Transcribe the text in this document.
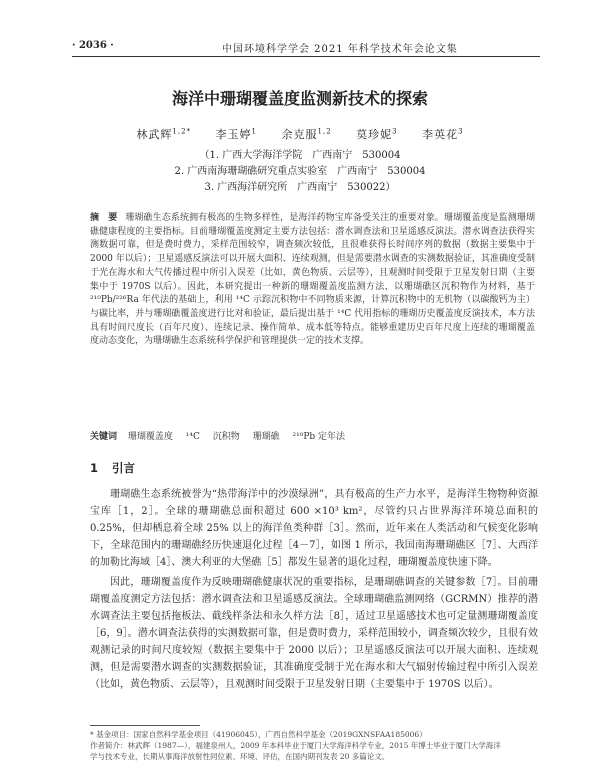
· 2036 ·	中国环境科学学会 2021 年科学技术年会论文集
海洋中珊瑚覆盖度监测新技术的探索
林武辉$^{1,2*}$ 李玉婷$^1$ 余克服$^{1,2}$ 莫珍妮$^3$ 李英花$^3$
（1. 广西大学海洋学院　广西南宁　530004
2. 广西南海珊瑚礁研究重点实验室　广西南宁　530004
3. 广西海洋研究所　广西南宁　530022）
摘　要 珊瑚礁生态系统拥有极高的生物多样性，是海洋药物宝库备受关注的重要对象。珊瑚覆盖度是监测珊瑚礁健康程度的主要指标。目前珊瑚覆盖度测定主要方法包括：潜水调查法和卫星遥感反演法。潜水调查法获得实测数据可靠，但是费时费力，采样范围较窄，调查频次较低，且很难获得长时间序列的数据（数据主要集中于 2000 年以后）；卫星遥感反演法可以开展大面积、连续观测，但是需要潜水调查的实测数据验证，其准确度受制于光在海水和大气传播过程中所引入误差（比如，黄色物质、云层等），且观测时间受限于卫星发射日期（主要集中于 1970S 以后）。因此，本研究提出一种新的珊瑚覆盖度监测方法，以珊瑚礁区沉积物作为材料，基于 ²¹⁰Pb/²²⁶Ra 年代法的基础上，利用 ¹⁴C 示踪沉积物中不同物质来源，计算沉积物中的无机物（以碳酸钙为主）与碳比率，并与珊瑚礁覆盖度进行比对和验证，最后提出基于 ¹⁴C 代用指标的珊瑚历史覆盖度反演技术，本方法具有时间尺度长（百年尺度）、连续记录、操作简单、成本低等特点。能够重建历史百年尺度上连续的珊瑚覆盖度动态变化，为珊瑚礁生态系统科学保护和管理提供一定的技术支撑。
关键词 珊瑚覆盖度 ¹⁴C 沉积物 珊瑚礁 ²¹⁰Pb 定年法
1 引言

珊瑚礁生态系统被誉为“热带海洋中的沙漠绿洲”，具有极高的生产力水平，是海洋生物物种资源宝库［1，2］。全球的珊瑚礁总面积超过 600 ×10³ km²，尽管约只占世界海洋环境总面积的 0.25%，但却栖息着全球 25% 以上的海洋鱼类种群［3］。然而，近年来在人类活动和气候变化影响下，全球范围内的珊瑚礁经历快速退化过程［4－7］，如图 1 所示，我国南海珊瑚礁区［7］、大西洋的加勒比海域［4］、澳大利亚的大堡礁［5］都发生显著的退化过程，珊瑚覆盖度快速下降。

因此，珊瑚覆盖度作为反映珊瑚礁健康状况的重要指标，是珊瑚礁调查的关键参数［7］。目前珊瑚覆盖度测定方法包括：潜水调查法和卫星遥感反演法。全球珊瑚礁监测网络（GCRMN）推荐的潜水调查法主要包括拖板法、截线样条法和永久样方法［8］，适过卫星遥感技术也可定量测珊瑚覆盖度［6，9］。潜水调查法获得的实测数据可靠，但是费时费力，采样范围较小，调查频次较少，且很有效观测记录的时间尺度较短（数据主要集中于 2000 以后）；卫星遥感反演法可以开展大面积、连续观测，但是需要潜水调查的实测数据验证，其准确度受制于光在海水和大气辐射传输过程中所引入误差（比如，黄色物质、云层等），且观测时间受限于卫星发射日期（主要集中于 1970S 以后）。

* 基金项目：国家自然科学基金项目（41906045），广西自然科学基金（2019GXNSFAA185006）
作者简介：林武辉（1987—），福建泉州人，2009 年本科毕业于厦门大学海洋科学专业，2015 年博士毕业于厦门大学海洋
学与技术专业，长期从事海洋放射性同位素、环境、评估，在国内期刊发表 20 多篇论文。
